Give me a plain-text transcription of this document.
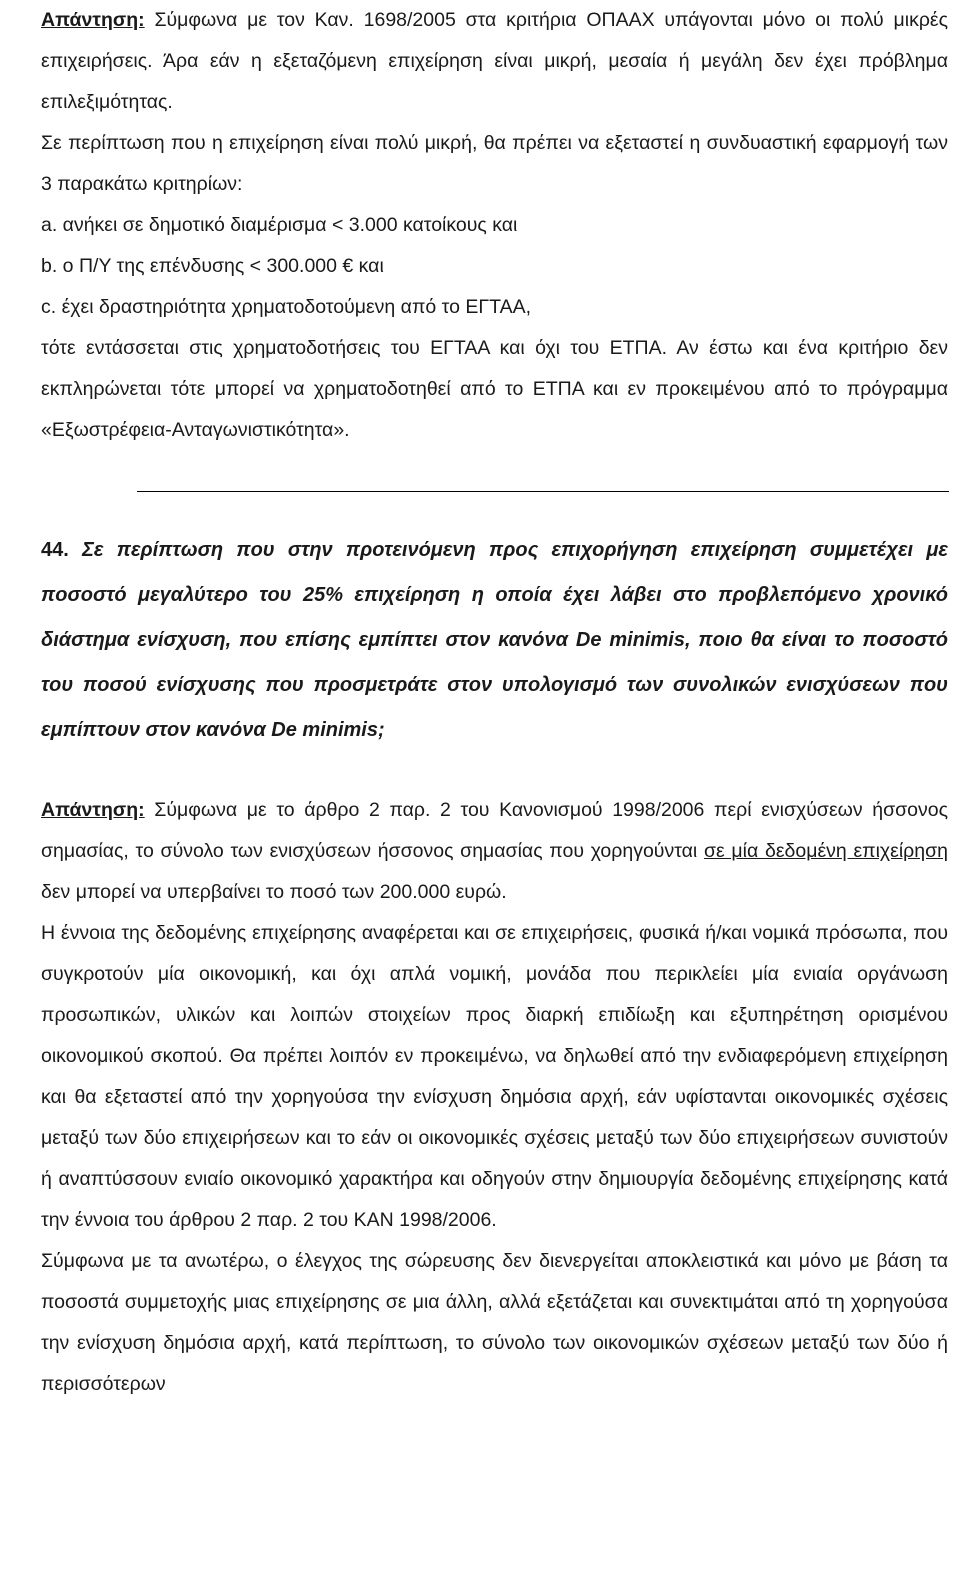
Απάντηση: Σύμφωνα με τον Καν. 1698/2005 στα κριτήρια ΟΠΑΑΧ υπάγονται μόνο οι πολύ μικρές επιχειρήσεις. Άρα εάν η εξεταζόμενη επιχείρηση είναι μικρή, μεσαία ή μεγάλη δεν έχει πρόβλημα επιλεξιμότητας.

Σε περίπτωση που η επιχείρηση είναι πολύ μικρή, θα πρέπει να εξεταστεί η συνδυαστική εφαρμογή των 3 παρακάτω κριτηρίων:

a. ανήκει σε δημοτικό διαμέρισμα < 3.000 κατοίκους και

b. ο Π/Υ της επένδυσης < 300.000 € και

c. έχει δραστηριότητα χρηματοδοτούμενη από το ΕΓΤΑΑ,

τότε εντάσσεται στις χρηματοδοτήσεις του ΕΓΤΑΑ και όχι του ΕΤΠΑ. Αν έστω και ένα κριτήριο δεν εκπληρώνεται τότε μπορεί να χρηματοδοτηθεί από το ΕΤΠΑ και εν προκειμένου από το πρόγραμμα «Εξωστρέφεια-Ανταγωνιστικότητα».

44. Σε περίπτωση που στην προτεινόμενη προς επιχορήγηση επιχείρηση συμμετέχει με ποσοστό μεγαλύτερο του 25% επιχείρηση η οποία έχει λάβει στο προβλεπόμενο χρονικό διάστημα ενίσχυση, που επίσης εμπίπτει στον κανόνα De minimis, ποιο θα είναι το ποσοστό του ποσού ενίσχυσης που προσμετράτε στον υπολογισμό των συνολικών ενισχύσεων που εμπίπτουν στον κανόνα De minimis;

Απάντηση: Σύμφωνα με το άρθρο 2 παρ. 2 του Κανονισμού 1998/2006 περί ενισχύσεων ήσσονος σημασίας, το σύνολο των ενισχύσεων ήσσονος σημασίας που χορηγούνται σε μία δεδομένη επιχείρηση δεν μπορεί να υπερβαίνει το ποσό των 200.000 ευρώ.

Η έννοια της δεδομένης επιχείρησης αναφέρεται και σε επιχειρήσεις, φυσικά ή/και νομικά πρόσωπα, που συγκροτούν μία οικονομική, και όχι απλά νομική, μονάδα που περικλείει μία ενιαία οργάνωση προσωπικών, υλικών και λοιπών στοιχείων προς διαρκή επιδίωξη και εξυπηρέτηση ορισμένου οικονομικού σκοπού. Θα πρέπει λοιπόν εν προκειμένω, να δηλωθεί από την ενδιαφερόμενη επιχείρηση και θα εξεταστεί από την χορηγούσα την ενίσχυση δημόσια αρχή, εάν υφίστανται οικονομικές σχέσεις μεταξύ των δύο επιχειρήσεων και το εάν οι οικονομικές σχέσεις μεταξύ των δύο επιχειρήσεων συνιστούν ή αναπτύσσουν ενιαίο οικονομικό χαρακτήρα και οδηγούν στην δημιουργία δεδομένης επιχείρησης κατά την έννοια του άρθρου 2 παρ. 2 του ΚΑΝ 1998/2006.

Σύμφωνα με τα ανωτέρω, ο έλεγχος της σώρευσης δεν διενεργείται αποκλειστικά και μόνο με βάση τα ποσοστά συμμετοχής μιας επιχείρησης σε μια άλλη, αλλά εξετάζεται και συνεκτιμάται από τη χορηγούσα την ενίσχυση δημόσια αρχή, κατά περίπτωση, το σύνολο των οικονομικών σχέσεων μεταξύ των δύο ή περισσότερων
